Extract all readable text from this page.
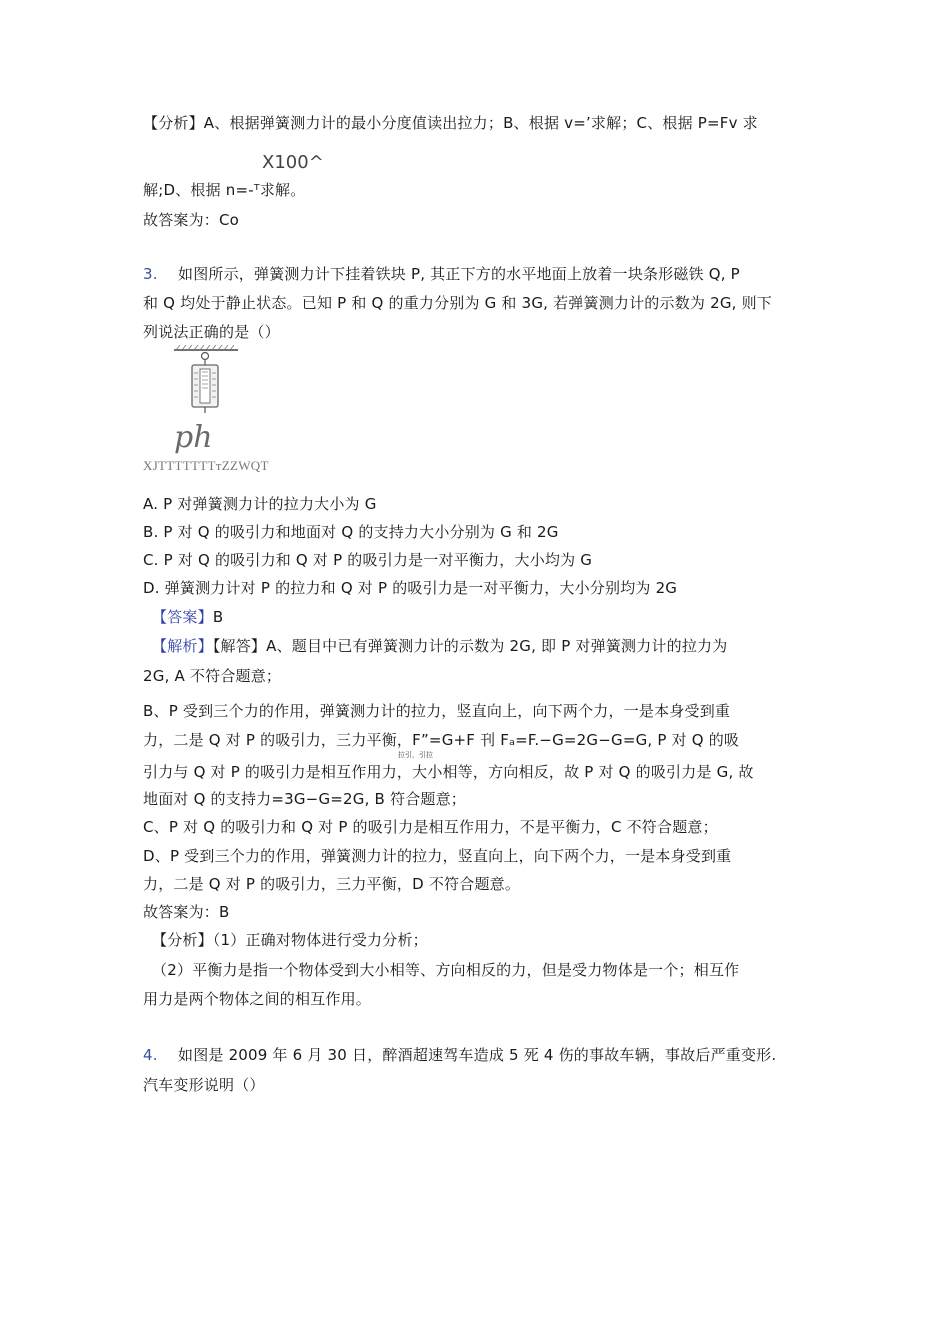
【分析】A、根据弹簧测力计的最小分度值读出拉力；B、根据 v=’求解；C、根据 P=Fv 求
X100^
解;D、根据 n=-ᵀ求解。
故答案为：Co
3. 如图所示，弹簧测力计下挂着铁块 P, 其正下方的水平地面上放着一块条形磁铁 Q, P
和 Q 均处于静止状态。已知 P 和 Q 的重力分别为 G 和 3G, 若弹簧测力计的示数为 2G, 则下
列说法正确的是（）
ph
XJTTTTTTTтZZWQT
A. P 对弹簧测力计的拉力大小为 G
B. P 对 Q 的吸引力和地面对 Q 的支持力大小分别为 G 和 2G
C. P 对 Q 的吸引力和 Q 对 P 的吸引力是一对平衡力，大小均为 G
D. 弹簧测力计对 P 的拉力和 Q 对 P 的吸引力是一对平衡力，大小分别均为 2G
【答案】B
【解析】【解答】A、题目中已有弹簧测力计的示数为 2G, 即 P 对弹簧测力计的拉力为
2G, A 不符合题意；
B、P 受到三个力的作用，弹簧测力计的拉力，竖直向上，向下两个力，一是本身受到重
力，二是 Q 对 P 的吸引力，三力平衡，F”=G+F 刊 Fₐ=F.−G=2G−G=G, P 对 Q 的吸
拉引，引拉
引力与 Q 对 P 的吸引力是相互作用力，大小相等，方向相反，故 P 对 Q 的吸引力是 G, 故
地面对 Q 的支持力=3G−G=2G, B 符合题意；
C、P 对 Q 的吸引力和 Q 对 P 的吸引力是相互作用力，不是平衡力，C 不符合题意；
D、P 受到三个力的作用，弹簧测力计的拉力，竖直向上，向下两个力，一是本身受到重
力，二是 Q 对 P 的吸引力，三力平衡，D 不符合题意。
故答案为：B
【分析】（1）正确对物体进行受力分析；
（2）平衡力是指一个物体受到大小相等、方向相反的力，但是受力物体是一个；相互作
用力是两个物体之间的相互作用。
4. 如图是 2009 年 6 月 30 日，醉酒超速驾车造成 5 死 4 伤的事故车辆，事故后严重变形.
汽车变形说明（）
